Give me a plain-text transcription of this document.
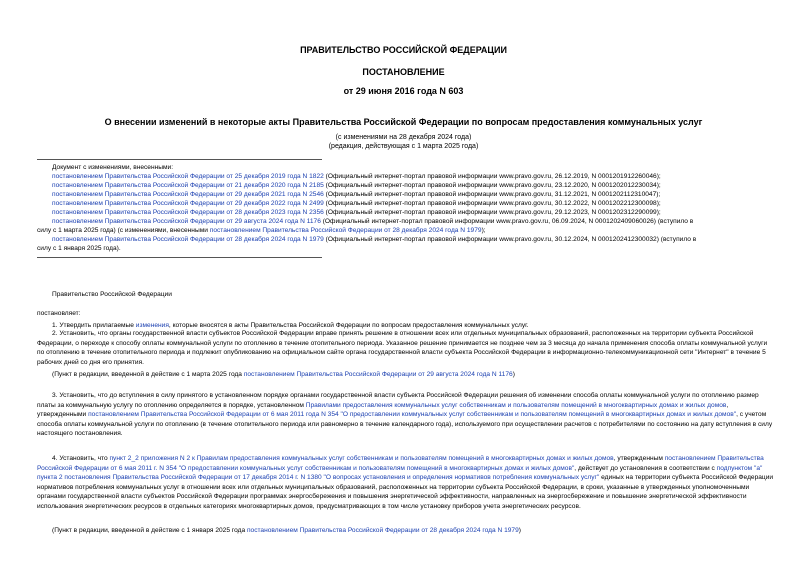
ПРАВИТЕЛЬСТВО РОССИЙСКОЙ ФЕДЕРАЦИИ
ПОСТАНОВЛЕНИЕ
от 29 июня 2016 года N 603
О внесении изменений в некоторые акты Правительства Российской Федерации по вопросам предоставления коммунальных услуг
(с изменениями на 28 декабря 2024 года)
(редакция, действующая с 1 марта 2025 года)
Документ с изменениями, внесенными:
постановлением Правительства Российской Федерации от 25 декабря 2019 года N 1822 (Официальный интернет-портал правовой информации www.pravo.gov.ru, 26.12.2019, N 0001201912260046);
постановлением Правительства Российской Федерации от 21 декабря 2020 года N 2185 (Официальный интернет-портал правовой информации www.pravo.gov.ru, 23.12.2020, N 0001202012230034);
постановлением Правительства Российской Федерации от 29 декабря 2021 года N 2546 (Официальный интернет-портал правовой информации www.pravo.gov.ru, 31.12.2021, N 0001202112310047);
постановлением Правительства Российской Федерации от 29 декабря 2022 года N 2499 (Официальный интернет-портал правовой информации www.pravo.gov.ru, 30.12.2022, N 0001202212300098);
постановлением Правительства Российской Федерации от 28 декабря 2023 года N 2356 (Официальный интернет-портал правовой информации www.pravo.gov.ru, 29.12.2023, N 0001202312290099);
постановлением Правительства Российской Федерации от 29 августа 2024 года N 1176 (Официальный интернет-портал правовой информации www.pravo.gov.ru, 06.09.2024, N 0001202409060026) (вступило в
силу с 1 марта 2025 года) (с изменениями, внесенными постановлением Правительства Российской Федерации от 28 декабря 2024 года N 1979);
постановлением Правительства Российской Федерации от 28 декабря 2024 года N 1979 (Официальный интернет-портал правовой информации www.pravo.gov.ru, 30.12.2024, N 0001202412300032) (вступило в
силу с 1 января 2025 года).
Правительство Российской Федерации
постановляет:
1. Утвердить прилагаемые изменения, которые вносятся в акты Правительства Российской Федерации по вопросам предоставления коммунальных услуг.
2. Установить, что органы государственной власти субъектов Российской Федерации вправе принять решение в отношении всех или отдельных муниципальных образований, расположенных на территории субъекта Российской Федерации, о переходе к способу оплаты коммунальной услуги по отоплению в течение отопительного периода. Указанное решение принимается не позднее чем за 3 месяца до начала применения способа оплаты коммунальной услуги по отоплению в течение отопительного периода и подлежит опубликованию на официальном сайте органа государственной власти субъекта Российской Федерации в информационно-телекоммуникационной сети "Интернет" в течение 5 рабочих дней со дня его принятия.
(Пункт в редакции, введенной в действие с 1 марта 2025 года постановлением Правительства Российской Федерации от 29 августа 2024 года N 1176)
3. Установить, что до вступления в силу принятого в установленном порядке органами государственной власти субъекта Российской Федерации решения об изменении способа оплаты коммунальной услуги по отоплению размер платы за коммунальную услугу по отоплению определяется в порядке, установленном Правилами предоставления коммунальных услуг собственникам и пользователям помещений в многоквартирных домах и жилых домов, утвержденными постановлением Правительства Российской Федерации от 6 мая 2011 года N 354 "О предоставлении коммунальных услуг собственникам и пользователям помещений в многоквартирных домах и жилых домов", с учетом способа оплаты коммунальной услуги по отоплению (в течение отопительного периода или равномерно в течение календарного года), используемого при осуществлении расчетов с потребителями по состоянию на дату вступления в силу настоящего постановления.
4. Установить, что пункт 2_2 приложения N 2 к Правилам предоставления коммунальных услуг собственникам и пользователям помещений в многоквартирных домах и жилых домов, утвержденным постановлением Правительства Российской Федерации от 6 мая 2011 г. N 354 "О предоставлении коммунальных услуг собственникам и пользователям помещений в многоквартирных домах и жилых домов", действует до установления в соответствии с подпунктом "а" пункта 2 постановления Правительства Российской Федерации от 17 декабря 2014 г. N 1380 "О вопросах установления и определения нормативов потребления коммунальных услуг" единых на территории субъекта Российской Федерации нормативов потребления коммунальных услуг в отношении всех или отдельных муниципальных образований, расположенных на территории субъекта Российской Федерации, в сроки, указанные в утвержденных уполномоченными органами государственной власти субъектов Российской Федерации программах энергосбережения и повышения энергетической эффективности, направленных на энергосбережение и повышение энергетической эффективности использования энергетических ресурсов в отдельных категориях многоквартирных домов, предусматривающих в том числе установку приборов учета энергетических ресурсов.
(Пункт в редакции, введенной в действие с 1 января 2025 года постановлением Правительства Российской Федерации от 28 декабря 2024 года N 1979)
